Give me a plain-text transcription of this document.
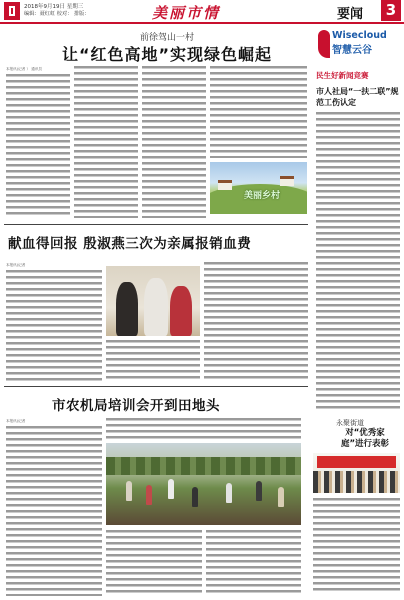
2018年9月19日 星期三
编辑：聂红虹 校对： 排版：	美丽市情	要闻	3
前徐驾山一村
让“红色高地”实现绿色崛起
本报讯(记者 ） 通讯员
美丽乡村
Wisecloud
智慧云谷
民生好新闻竞赛
市人社局“一扶二联”规范工伤认定
永聚街道
对“优秀家庭”进行表彰
献血得回报 殷淑燕三次为亲属报销血费
本报讯(记者
市农机局培训会开到田地头
本报讯(记者
